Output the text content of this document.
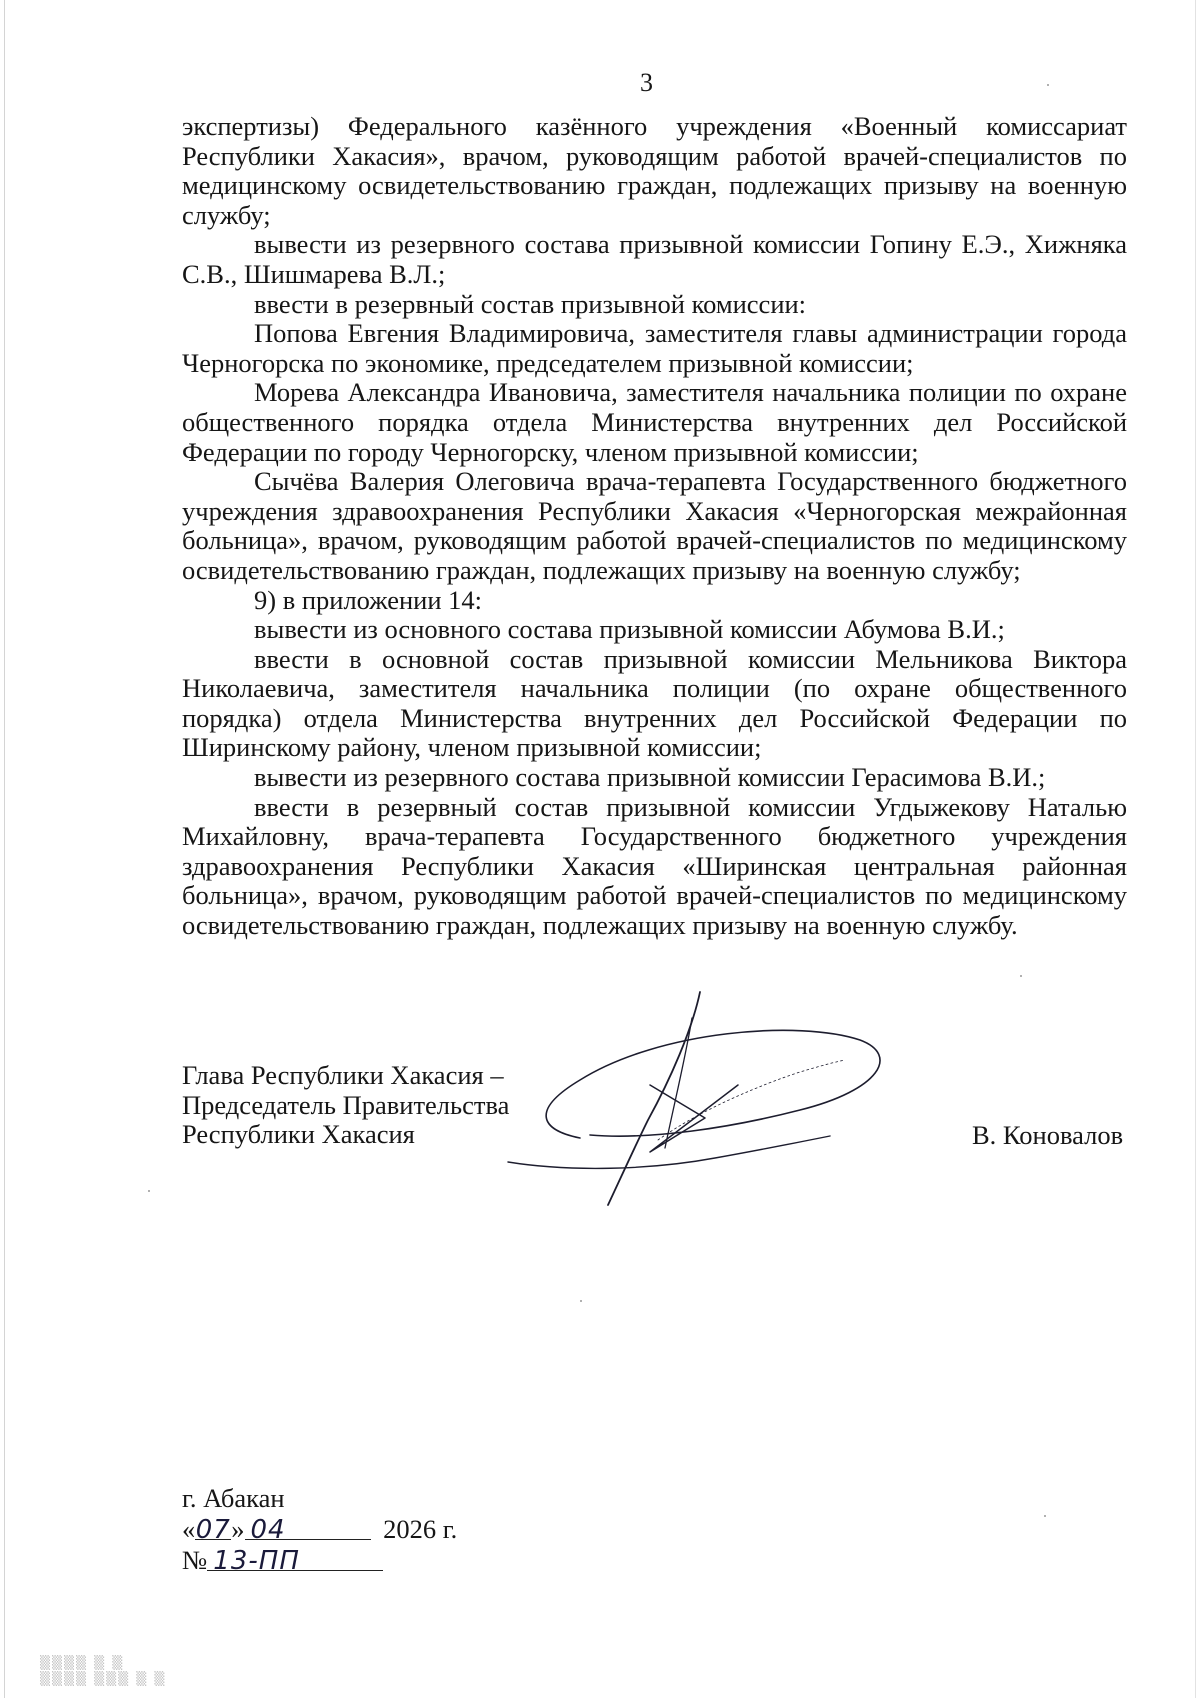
3

экспертизы) Федерального казённого учреждения «Военный комиссариат Республики Хакасия», врачом, руководящим работой врачей-специалистов по медицинскому освидетельствованию граждан, подлежащих призыву на военную службу;

вывести из резервного состава призывной комиссии Гопину Е.Э., Хижняка С.В., Шишмарева В.Л.;

ввести в резервный состав призывной комиссии:

Попова Евгения Владимировича, заместителя главы администрации города Черногорска по экономике, председателем призывной комиссии;

Морева Александра Ивановича, заместителя начальника полиции по охране общественного порядка отдела Министерства внутренних дел Российской Федерации по городу Черногорску, членом призывной комиссии;

Сычёва Валерия Олеговича врача-терапевта Государственного бюджетного учреждения здравоохранения Республики Хакасия «Черногорская межрайонная больница», врачом, руководящим работой врачей-специалистов по медицинскому освидетельствованию граждан, подлежащих призыву на военную службу;

9) в приложении 14:

вывести из основного состава призывной комиссии Абумова В.И.;

ввести в основной состав призывной комиссии Мельникова Виктора Николаевича, заместителя начальника полиции (по охране общественного порядка) отдела Министерства внутренних дел Российской Федерации по Ширинскому району, членом призывной комиссии;

вывести из резервного состава призывной комиссии Герасимова В.И.;

ввести в резервный состав призывной комиссии Угдыжекову Наталью Михайловну, врача-терапевта Государственного бюджетного учреждения здравоохранения Республики Хакасия «Ширинская центральная районная больница», врачом, руководящим работой врачей-специалистов по медицинскому освидетельствованию граждан, подлежащих призыву на военную службу.

Глава Республики Хакасия –
Председатель Правительства
Республики Хакасия	В. Коновалов
г. Абакан
«07» 04	2026 г.
№ 13-ПП
▒▒▒▒ ▒ ▒
▒▒▒▒ ▒▒▒ ▒ ▒
